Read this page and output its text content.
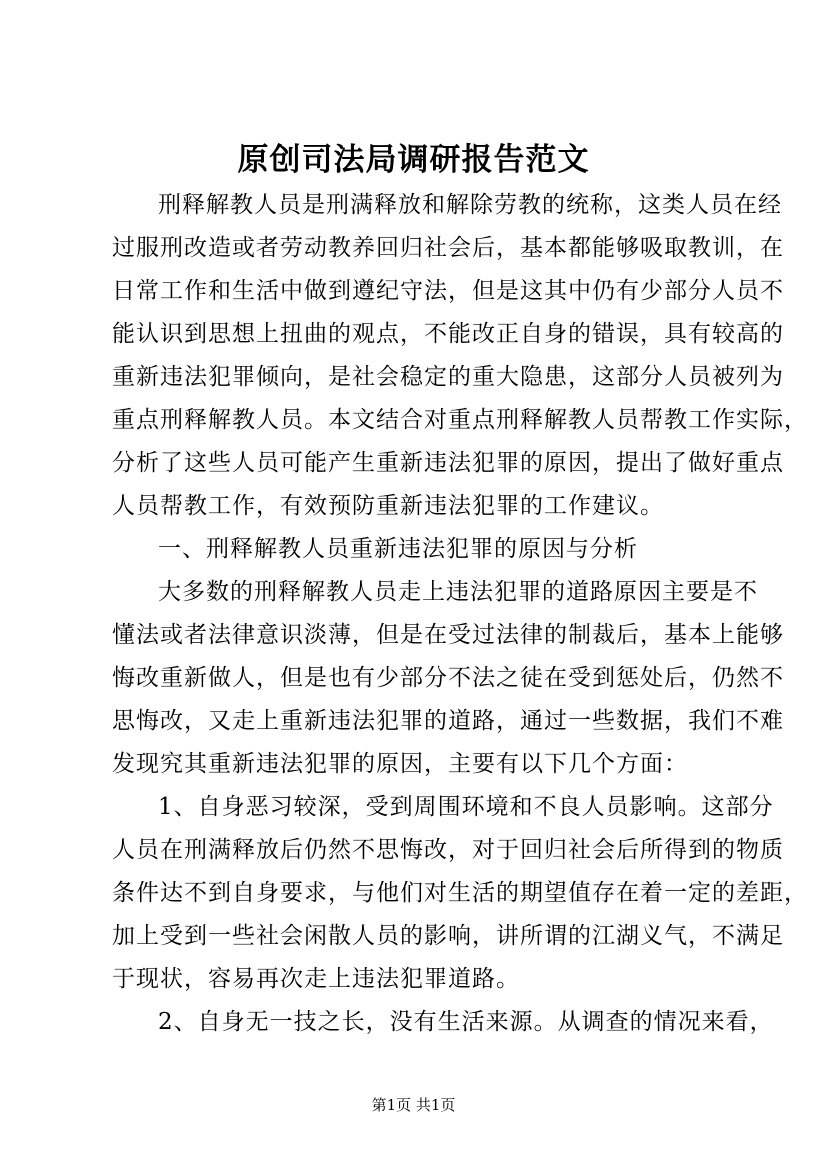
原创司法局调研报告范文
刑释解教人员是刑满释放和解除劳教的统称，这类人员在经
过服刑改造或者劳动教养回归社会后，基本都能够吸取教训，在
日常工作和生活中做到遵纪守法，但是这其中仍有少部分人员不
能认识到思想上扭曲的观点，不能改正自身的错误，具有较高的
重新违法犯罪倾向，是社会稳定的重大隐患，这部分人员被列为
重点刑释解教人员。本文结合对重点刑释解教人员帮教工作实际，
分析了这些人员可能产生重新违法犯罪的原因，提出了做好重点
人员帮教工作，有效预防重新违法犯罪的工作建议。
一、刑释解教人员重新违法犯罪的原因与分析
大多数的刑释解教人员走上违法犯罪的道路原因主要是不
懂法或者法律意识淡薄，但是在受过法律的制裁后，基本上能够
悔改重新做人，但是也有少部分不法之徒在受到惩处后，仍然不
思悔改，又走上重新违法犯罪的道路，通过一些数据，我们不难
发现究其重新违法犯罪的原因，主要有以下几个方面：
1、自身恶习较深，受到周围环境和不良人员影响。这部分
人员在刑满释放后仍然不思悔改，对于回归社会后所得到的物质
条件达不到自身要求，与他们对生活的期望值存在着一定的差距，
加上受到一些社会闲散人员的影响，讲所谓的江湖义气，不满足
于现状，容易再次走上违法犯罪道路。
2、自身无一技之长，没有生活来源。从调查的情况来看，
第1页 共1页
